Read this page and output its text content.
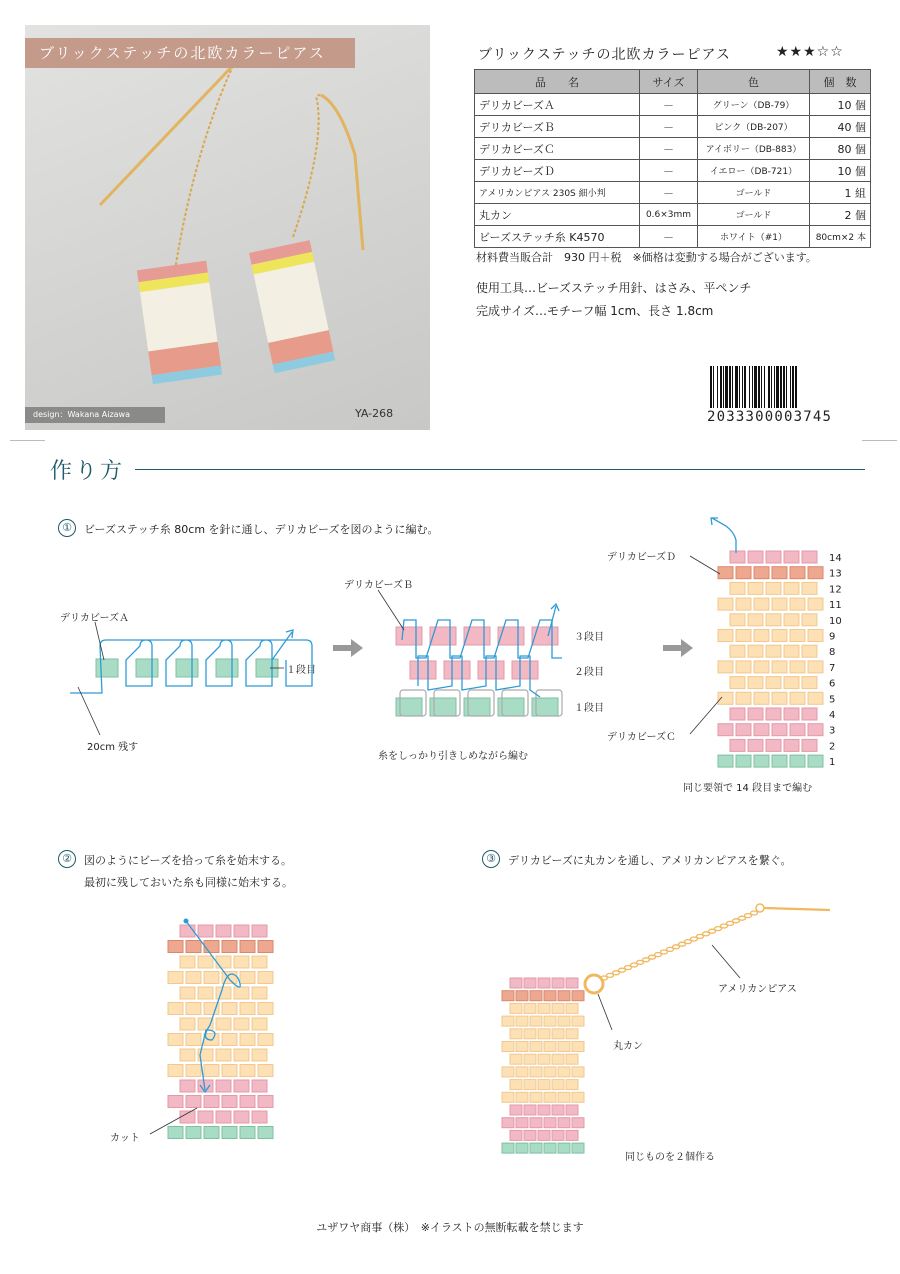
ブリックステッチの北欧カラーピアス
design：Wakana Aizawa	YA-268
ブリックステッチの北欧カラーピアス	★★★☆☆
品　　名	サイズ	色	個　数
デリカビーズＡ	－	グリーン（DB-79）	10 個
デリカビーズＢ	－	ピンク（DB-207）	40 個
デリカビーズＣ	－	アイボリー（DB-883）	80 個
デリカビーズＤ	－	イエロー（DB-721）	10 個
アメリカンピアス 230S 細小判	－	ゴールド	1 組
丸カン	0.6×3mm	ゴールド	2 個
ビーズステッチ糸 K4570	－	ホワイト（#1）	80cm×2 本
材料費当販合計　930 円＋税　※価格は変動する場合がございます。
使用工具…ビーズステッチ用針、はさみ、平ペンチ
完成サイズ…モチーフ幅 1cm、長さ 1.8cm
2033300003745
作り方
①	ビーズステッチ糸 80cm を針に通し、デリカビーズを図のように編む。
デリカビーズＡ
１段目
20cm 残す
14
13
12
11
10
9
8
7
6
5
4
3
2
1
デリカビーズＢ
３段目
２段目
１段目
糸をしっかり引きしめながら編む
デリカビーズＤ
デリカビーズＣ
同じ要領で 14 段目まで編む
②	図のようにビーズを拾って糸を始末する。
最初に残しておいた糸も同様に始末する。
カット
③	デリカビーズに丸カンを通し、アメリカンピアスを繋ぐ。
アメリカンピアス
丸カン
同じものを２個作る
ユザワヤ商事（株）　※イラストの無断転載を禁じます
